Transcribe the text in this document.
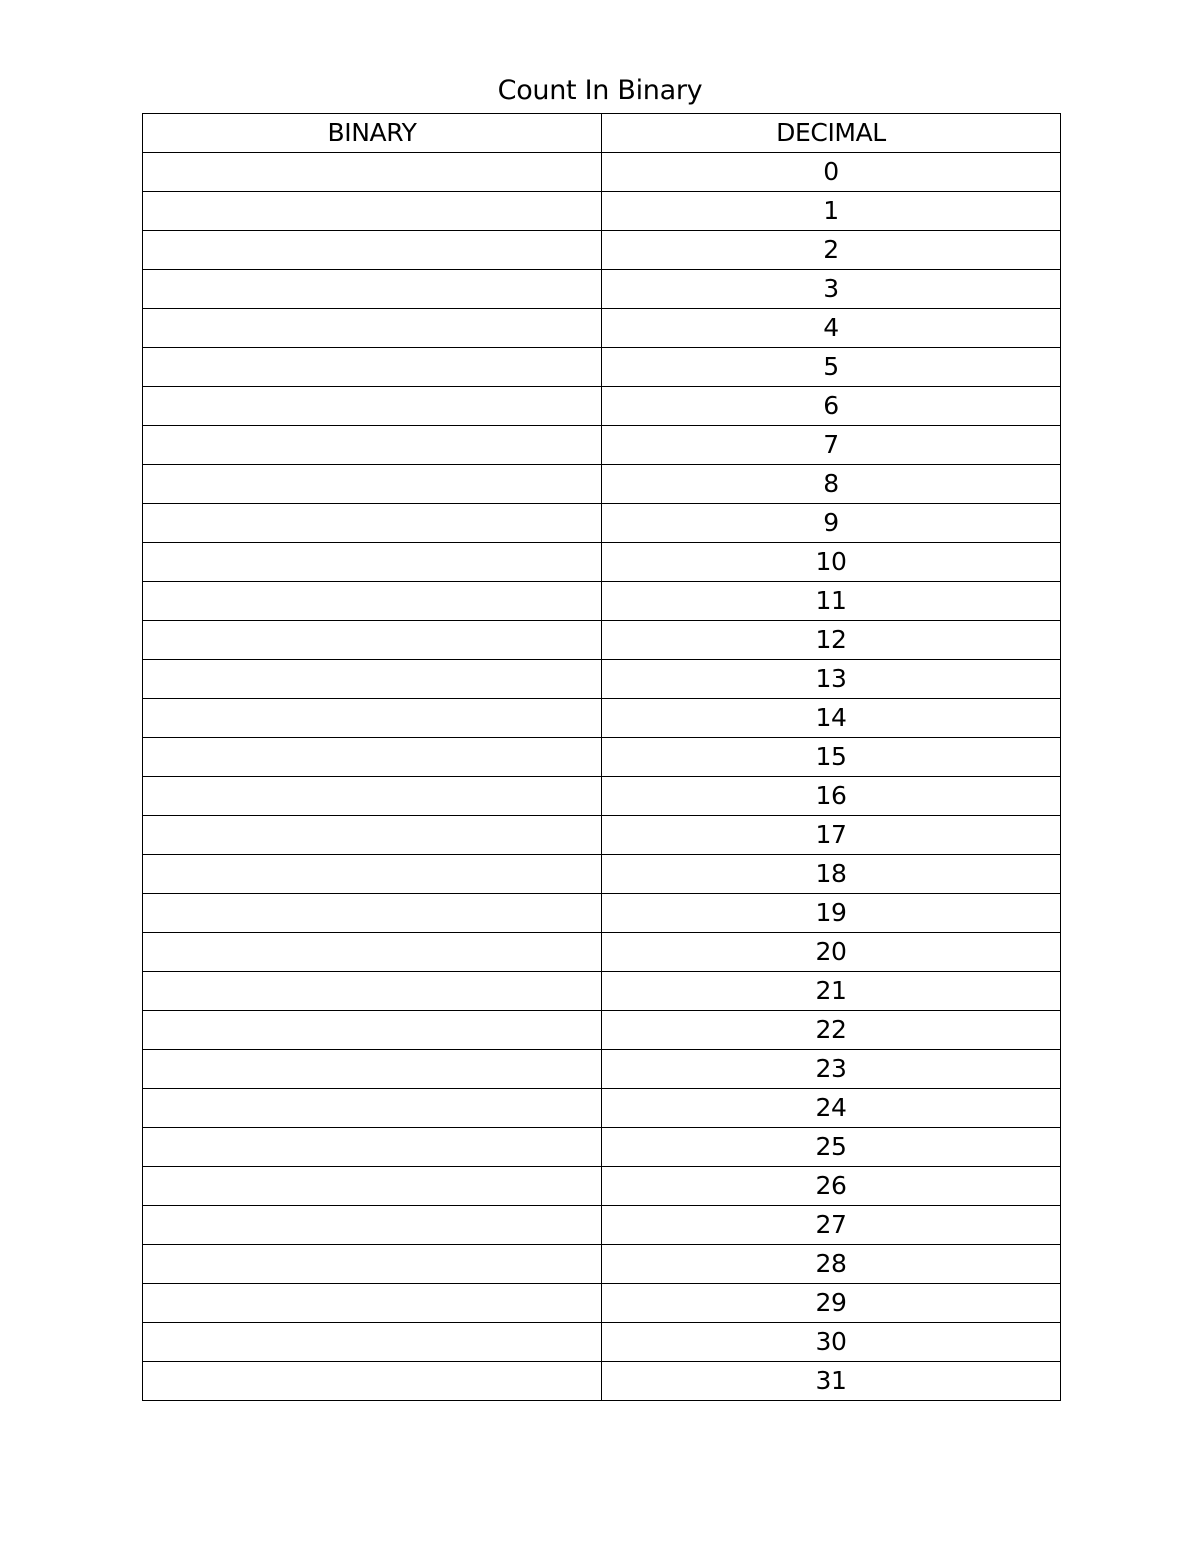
Count In Binary
BINARY	DECIMAL
	0
	1
	2
	3
	4
	5
	6
	7
	8
	9
	10
	11
	12
	13
	14
	15
	16
	17
	18
	19
	20
	21
	22
	23
	24
	25
	26
	27
	28
	29
	30
	31
